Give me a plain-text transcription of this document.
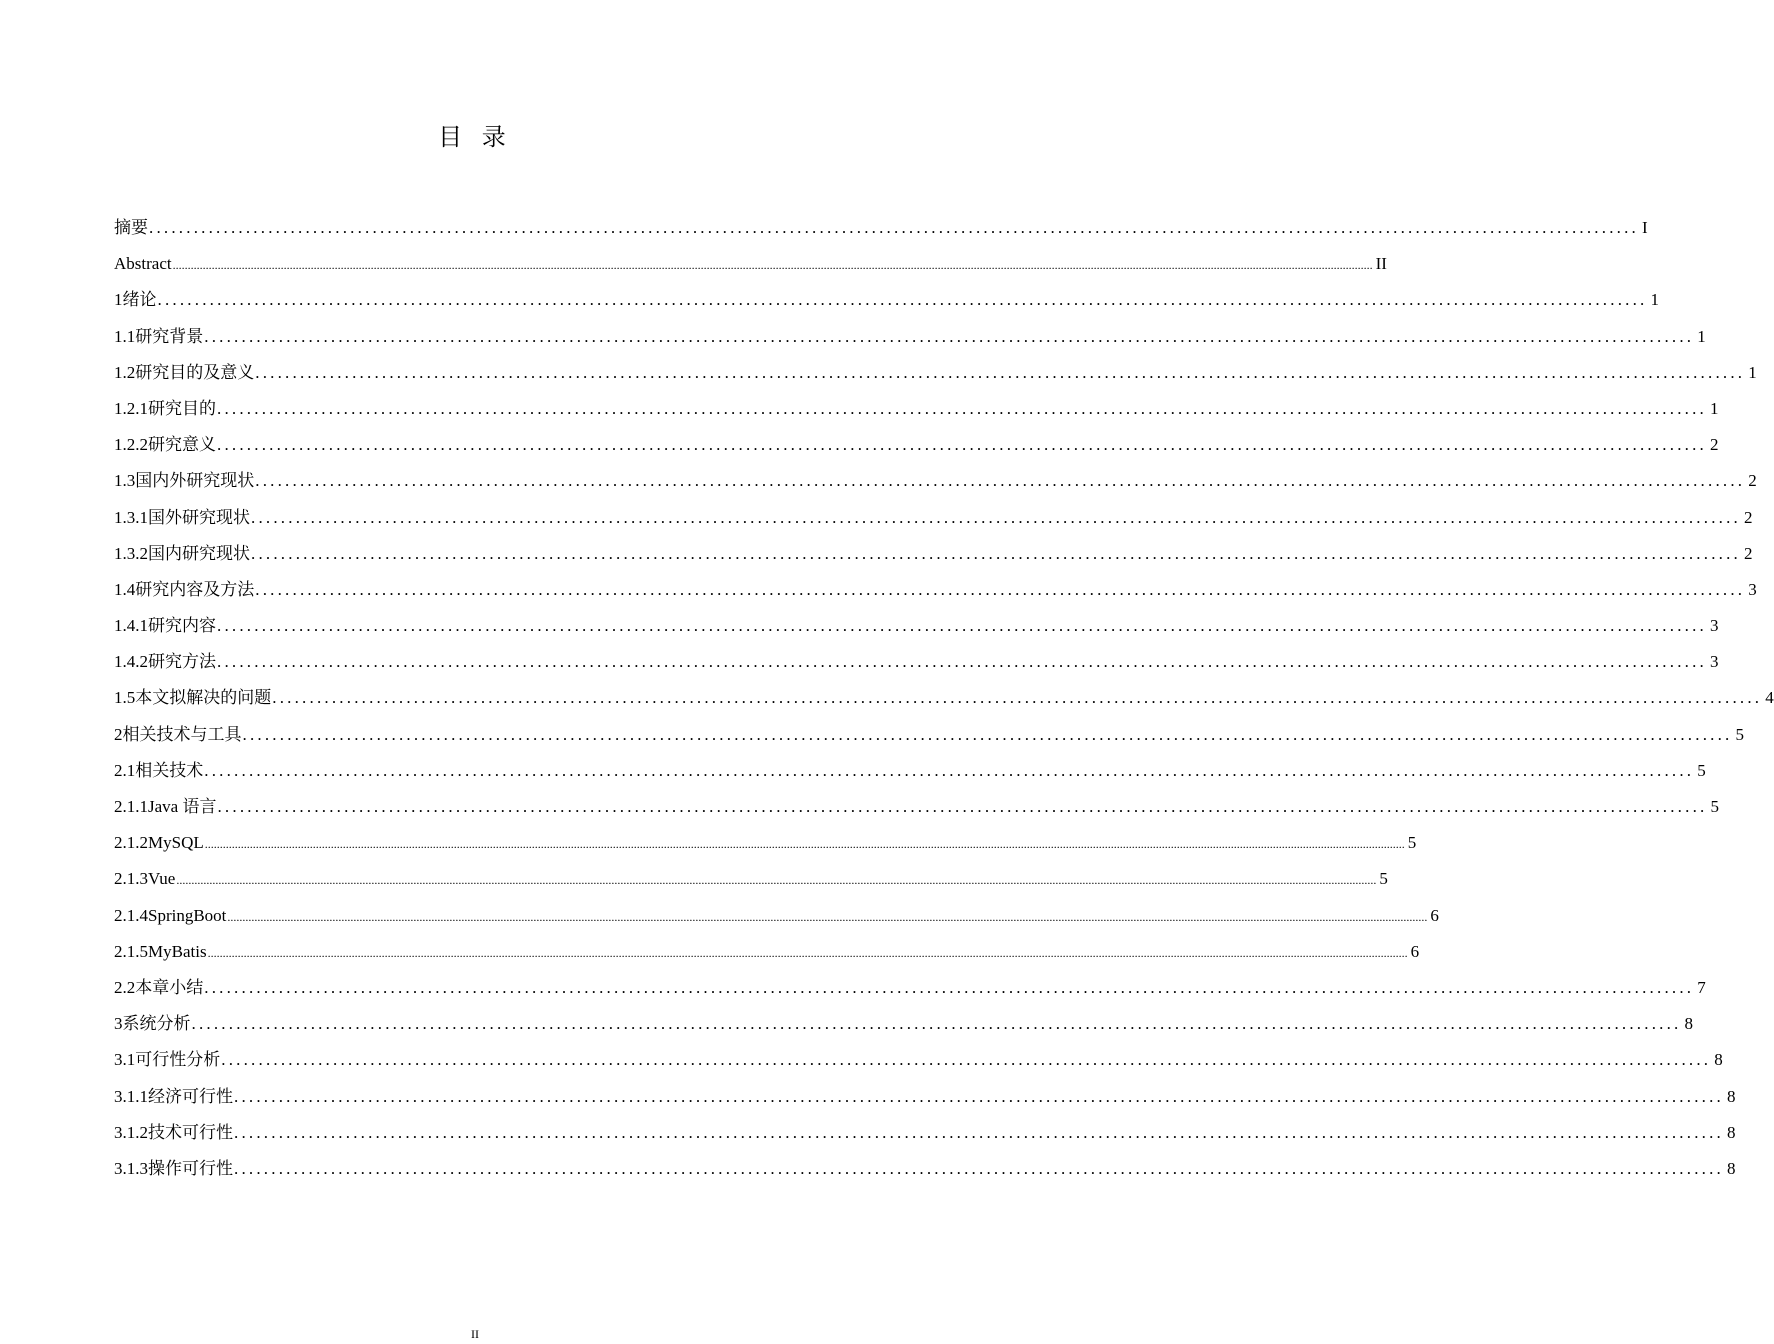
目 录
摘要 ........................................................................................................................................................................................................ I
Abstract ................................................................................................................................................................................................................................................................................................................................................................................................................ II
1 绪论 ........................................................................................................................................................................................................ 1
1.1 研究背景 ........................................................................................................................................................................................................ 1
1.2 研究目的及意义 ........................................................................................................................................................................................................ 1
1.2.1 研究目的 ........................................................................................................................................................................................................ 1
1.2.2 研究意义 ........................................................................................................................................................................................................ 2
1.3 国内外研究现状 ........................................................................................................................................................................................................ 2
1.3.1 国外研究现状 ........................................................................................................................................................................................................ 2
1.3.2 国内研究现状 ........................................................................................................................................................................................................ 2
1.4 研究内容及方法 ........................................................................................................................................................................................................ 3
1.4.1 研究内容 ........................................................................................................................................................................................................ 3
1.4.2 研究方法 ........................................................................................................................................................................................................ 3
1.5 本文拟解决的问题 ........................................................................................................................................................................................................ 4
2 相关技术与工具 ........................................................................................................................................................................................................ 5
2.1 相关技术 ........................................................................................................................................................................................................ 5
2.1.1 Java 语言 ........................................................................................................................................................................................................ 5
2.1.2 MySQL ................................................................................................................................................................................................................................................................................................................................................................................................................ 5
2.1.3 Vue ................................................................................................................................................................................................................................................................................................................................................................................................................ 5
2.1.4 SpringBoot ................................................................................................................................................................................................................................................................................................................................................................................................................ 6
2.1.5 MyBatis ................................................................................................................................................................................................................................................................................................................................................................................................................ 6
2.2 本章小结 ........................................................................................................................................................................................................ 7
3 系统分析 ........................................................................................................................................................................................................ 8
3.1 可行性分析 ........................................................................................................................................................................................................ 8
3.1.1 经济可行性 ........................................................................................................................................................................................................ 8
3.1.2 技术可行性 ........................................................................................................................................................................................................ 8
3.1.3 操作可行性 ........................................................................................................................................................................................................ 8
II
